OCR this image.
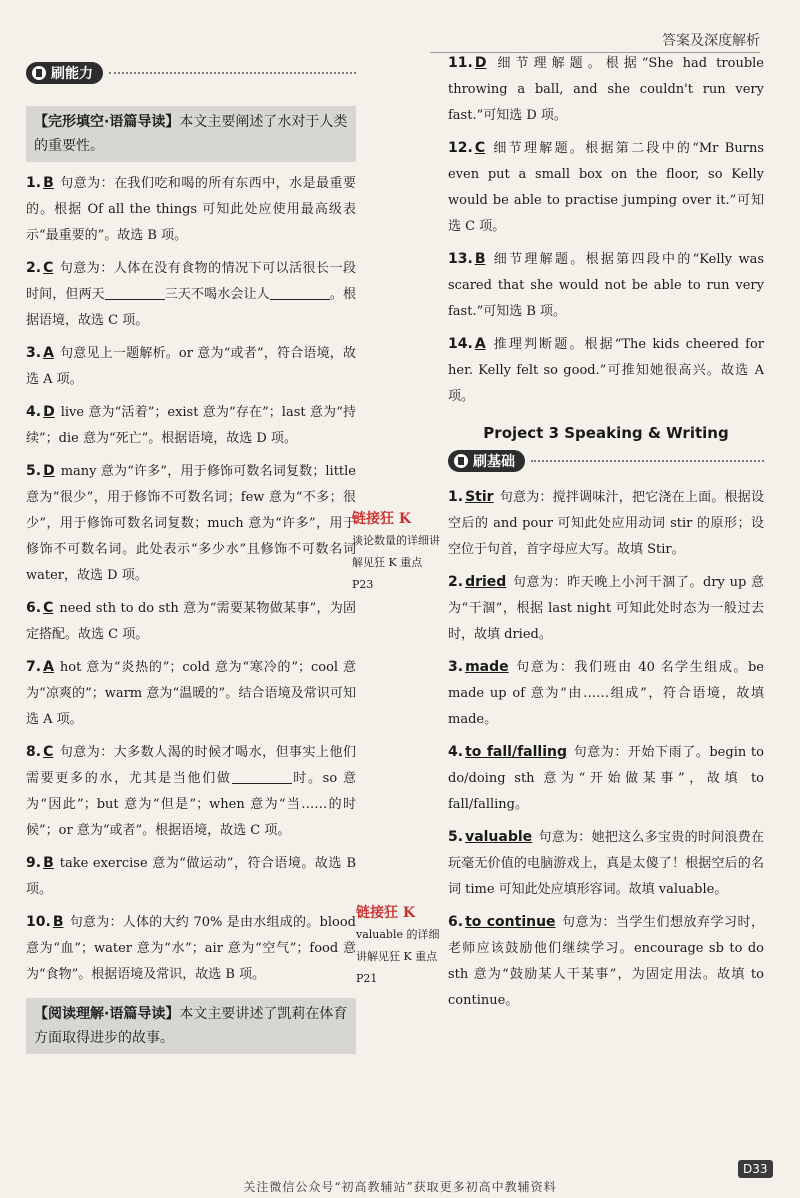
答案及深度解析
刷能力
【完形填空·语篇导读】本文主要阐述了水对于人类的重要性。
1. B 句意为：在我们吃和喝的所有东西中，水是最重要的。根据 Of all the things 可知此处应使用最高级表示“最重要的”。故选 B 项。
2. C 句意为：人体在没有食物的情况下可以活很长一段时间，但两天	三天不喝水会让人	。根据语境，故选 C 项。
3. A 句意见上一题解析。or 意为“或者”，符合语境，故选 A 项。
4. D live 意为“活着”；exist 意为“存在”；last 意为“持续”；die 意为“死亡”。根据语境，故选 D 项。
5. D many 意为“许多”，用于修饰可数名词复数；little 意为“很少”，用于修饰不可数名词；few 意为“不多；很少”，用于修饰可数名词复数；much 意为“许多”，用于修饰不可数名词。此处表示“多少水”且修饰不可数名词 water，故选 D 项。
6. C need sth to do sth 意为“需要某物做某事”，为固定搭配。故选 C 项。
7. A hot 意为“炎热的”；cold 意为“寒冷的”；cool 意为“凉爽的”；warm 意为“温暖的”。结合语境及常识可知选 A 项。
8. C 句意为：大多数人渴的时候才喝水，但事实上他们需要更多的水，尤其是当他们做	时。so 意为“因此”；but 意为“但是”；when 意为“当……的时候”；or 意为“或者”。根据语境，故选 C 项。
9. B take exercise 意为“做运动”，符合语境。故选 B 项。
10. B 句意为：人体的大约 70% 是由水组成的。blood 意为“血”；water 意为“水”；air 意为“空气”；food 意为“食物”。根据语境及常识，故选 B 项。
【阅读理解·语篇导读】本文主要讲述了凯莉在体育方面取得进步的故事。
链接狂 K
谈论数量的详细讲解见狂 K 重点 P23
链接狂 K
valuable 的详细讲解见狂 K 重点 P21
11. D 细节理解题。根据“She had trouble throwing a ball, and she couldn't run very fast.”可知选 D 项。
12. C 细节理解题。根据第二段中的“Mr Burns even put a small box on the floor, so Kelly would be able to practise jumping over it.”可知选 C 项。
13. B 细节理解题。根据第四段中的“Kelly was scared that she would not be able to run very fast.”可知选 B 项。
14. A 推理判断题。根据“The kids cheered for her. Kelly felt so good.”可推知她很高兴。故选 A 项。
Project 3 Speaking & Writing
刷基础
1. Stir 句意为：搅拌调味汁，把它浇在上面。根据设空后的 and pour 可知此处应用动词 stir 的原形；设空位于句首，首字母应大写。故填 Stir。
2. dried 句意为：昨天晚上小河干涸了。dry up 意为“干涸”，根据 last night 可知此处时态为一般过去时，故填 dried。
3. made 句意为：我们班由 40 名学生组成。be made up of 意为“由……组成”，符合语境，故填 made。
4. to fall/falling 句意为：开始下雨了。begin to do/doing sth 意为“开始做某事”，故填 to fall/falling。
5. valuable 句意为：她把这么多宝贵的时间浪费在玩毫无价值的电脑游戏上，真是太傻了！根据空后的名词 time 可知此处应填形容词。故填 valuable。
6. to continue 句意为：当学生们想放弃学习时，老师应该鼓励他们继续学习。encourage sb to do sth 意为“鼓励某人干某事”，为固定用法。故填 to continue。
D33
关注微信公众号“初高教辅站”获取更多初高中教辅资料
